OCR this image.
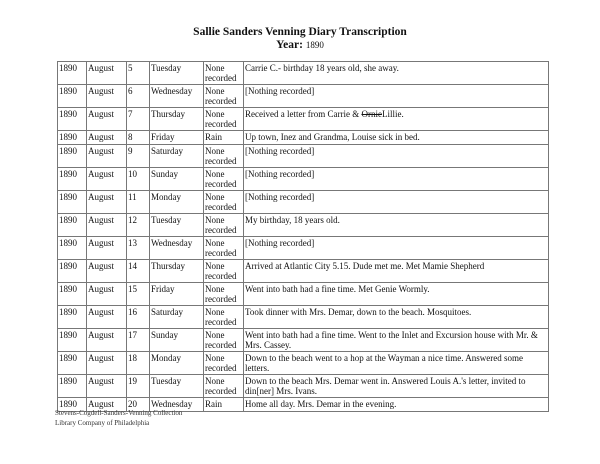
Sallie Sanders Venning Diary Transcription
Year: 1890
1890	August	5	Tuesday	None recorded	Carrie C.- birthday 18 years old, she away.
1890	August	6	Wednesday	None recorded	[Nothing recorded]
1890	August	7	Thursday	None recorded	Received a letter from Carrie & OrnieLillie.
1890	August	8	Friday	Rain	Up town, Inez and Grandma, Louise sick in bed.
1890	August	9	Saturday	None recorded	[Nothing recorded]
1890	August	10	Sunday	None recorded	[Nothing recorded]
1890	August	11	Monday	None recorded	[Nothing recorded]
1890	August	12	Tuesday	None recorded	My birthday, 18 years old.
1890	August	13	Wednesday	None recorded	[Nothing recorded]
1890	August	14	Thursday	None recorded	Arrived at Atlantic City 5.15. Dude met me. Met Mamie Shepherd
1890	August	15	Friday	None recorded	Went into bath had a fine time. Met Genie Wormly.
1890	August	16	Saturday	None recorded	Took dinner with Mrs. Demar, down to the beach. Mosquitoes.
1890	August	17	Sunday	None recorded	Went into bath had a fine time. Went to the Inlet and Excursion house with Mr. & Mrs. Cassey.
1890	August	18	Monday	None recorded	Down to the beach went to a hop at the Wayman a nice time. Answered some letters.
1890	August	19	Tuesday	None recorded	Down to the beach Mrs. Demar went in. Answered Louis A.'s letter, invited to din[ner] Mrs. Ivans.
1890	August	20	Wednesday	Rain	Home all day. Mrs. Demar in the evening.
Stevens-Cogdell-Sanders-Venning Collection
Library Company of Philadelphia
